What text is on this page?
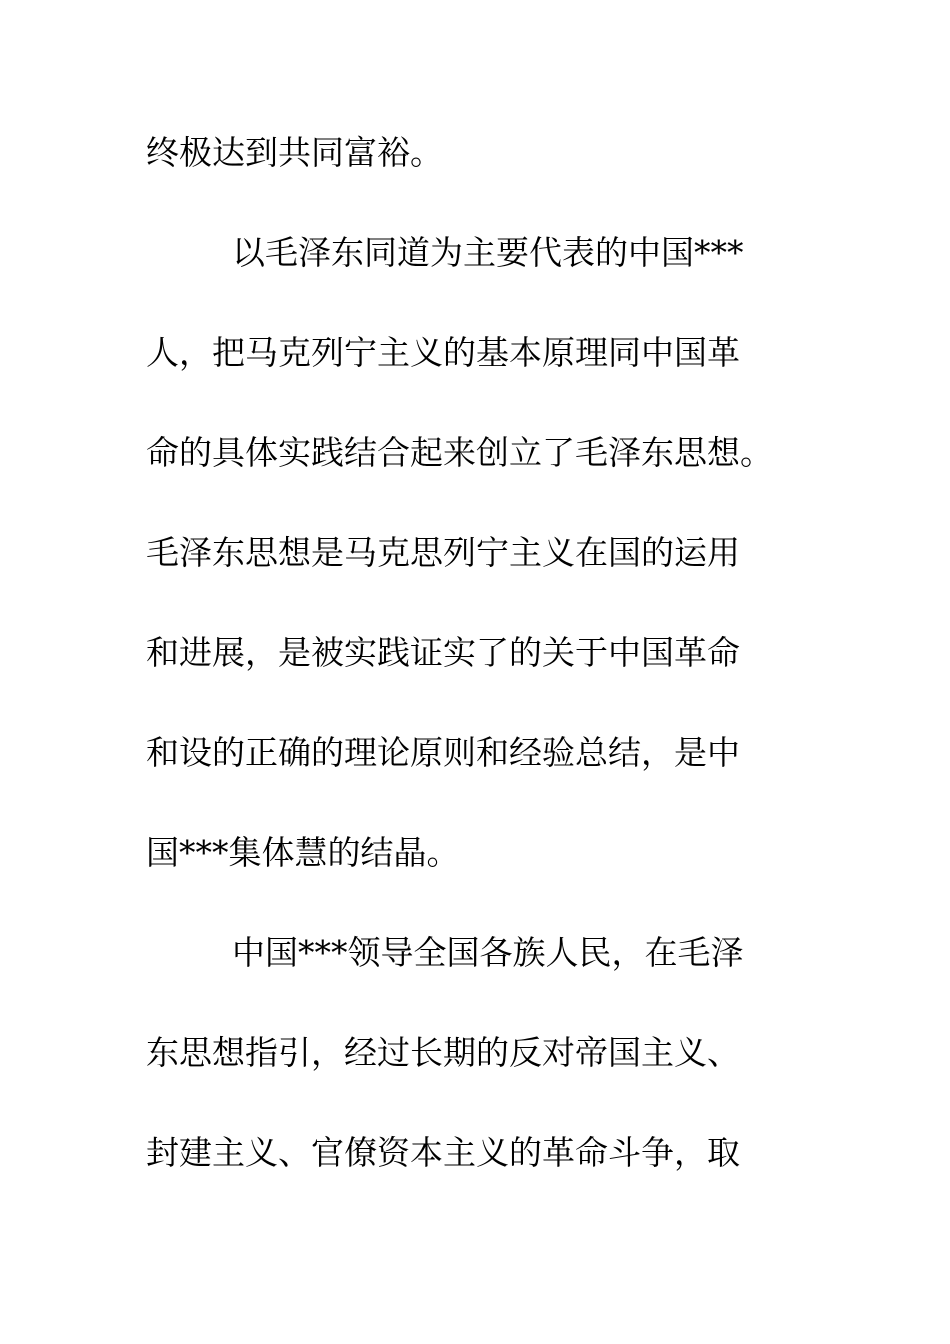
终极达到共同富裕。
以毛泽东同道为主要代表的中国***
人，把马克列宁主义的基本原理同中国革
命的具体实践结合起来创立了毛泽东思想。
毛泽东思想是马克思列宁主义在国的运用
和进展，是被实践证实了的关于中国革命
和设的正确的理论原则和经验总结，是中
国***集体慧的结晶。
中国***领导全国各族人民，在毛泽
东思想指引，经过长期的反对帝国主义、
封建主义、官僚资本主义的革命斗争，取
